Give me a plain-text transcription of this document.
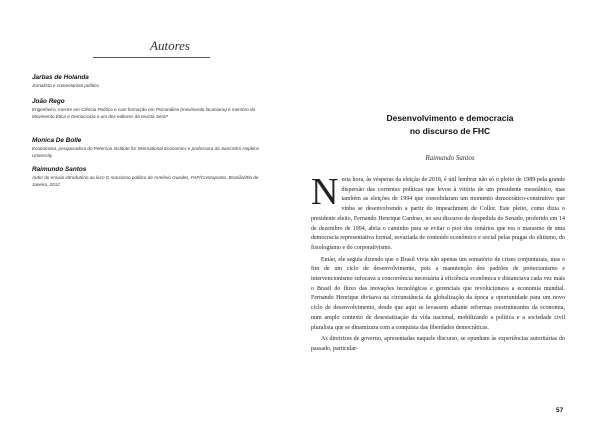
Autores
Jarbas de Holanda
Jornalista e comentarista político
João Rego
Engenheiro, mestre em Ciência Política e com formação em Psicanálise (movimento lacaniano) é membro do Movimento Ética e Democracia e um dos editores da revista Será?
Monica De Bolle
Economista, pesquisadora do Peterson Institute for International Economics e professora da Sais/John Hopkins University
Raimundo Santos
Autor do ensaio introdutório ao livro O marxismo político de Armênio Guedes, FAP/Contraponto, Brasília/Rio de Janeiro, 2012
Desenvolvimento e democracia
no discurso de FHC
Raimundo Santos

Nesta hora, às vésperas da eleição de 2018, é útil lembrar não só o pleito de 1989 pela grande dispersão das correntes políticas que levou à vitória de um presidente messiânico, mas também as eleições de 1994 que consolidaram um momento democrático-construtivo que vinha se desenvolvendo a partir do impeachment de Collor. Este pleito, como dizia o presidente eleito, Fernando Henrique Cardoso, no seu discurso de despedida do Senado, proferido em 14 de dezembro de 1994, abria o caminho para se evitar o pior dos cenários que era o marasmo de uma democracia representativa formal, esvaziada de conteúdo econômico e social pelas pragas do elitismo, do fisiologismo e do corporativismo.

Então, ele seguia dizendo que o Brasil vivia não apenas um somatório de crises conjunturais, mas o fim de um ciclo de desenvolvimento, pois a manutenção dos padrões de protecionismo e intervencionismo sufocava a concorrência necessária à eficiência econômica e distanciava cada vez mais o Brasil do fluxo das inovações tecnológicas e gerenciais que revolucionava a economia mundial. Fernando Henrique divisava na circunstância da globalização da época a oportunidade para um novo ciclo de desenvolvimento, desde que aqui se levassem adiante reformas reestruturantes da economia, num amplo contexto de desestatização da vida nacional, mobilizando a política e a sociedade civil pluralista que se dinamizara com a conquista das liberdades democráticas.

As diretrizes de governo, apresentadas naquele discurso, se opunham às experiências autoritárias do passado, particular-

57
